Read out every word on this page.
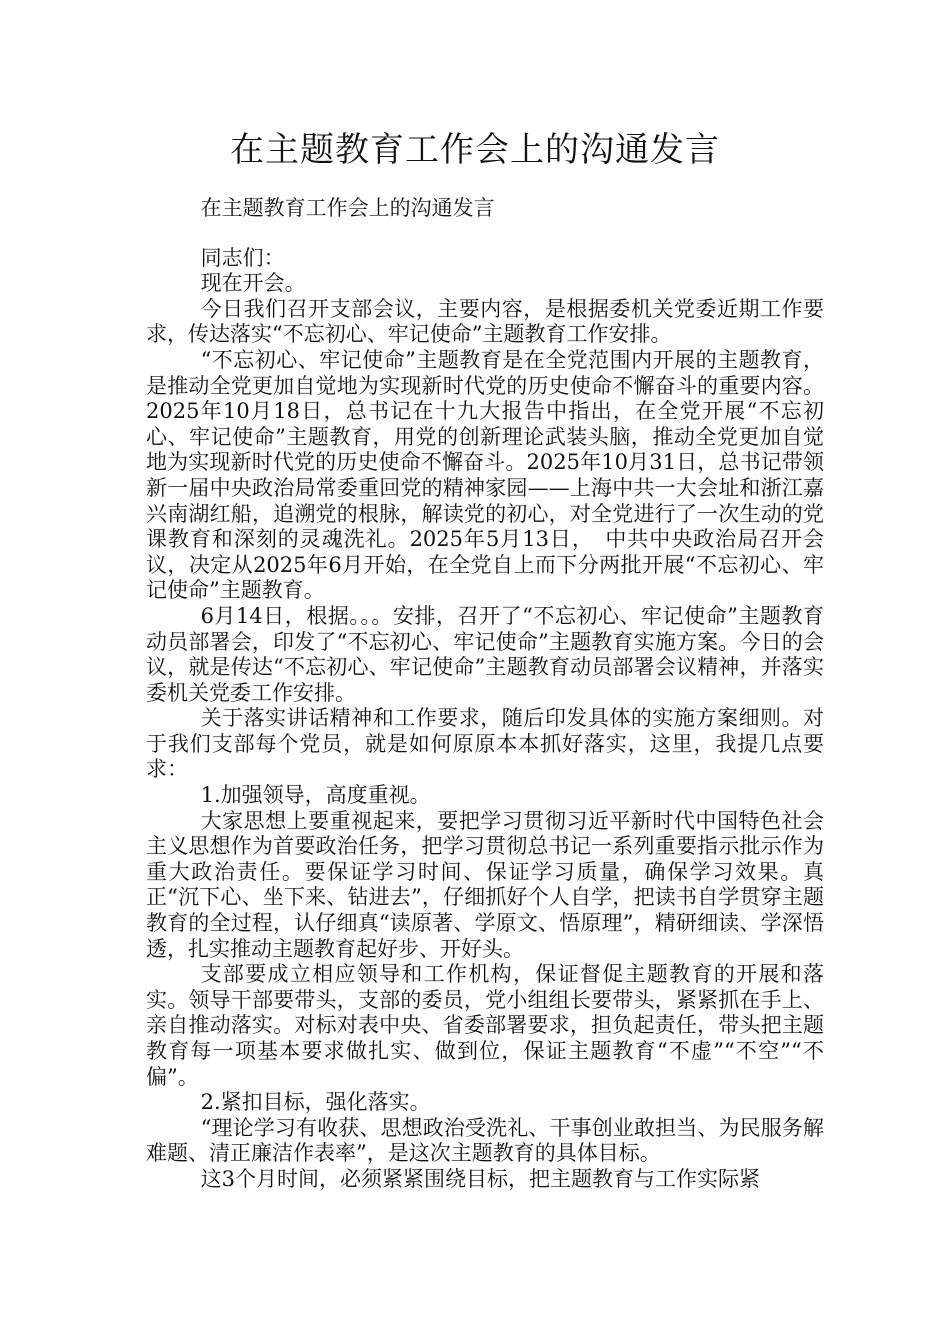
在主题教育工作会上的沟通发言

在主题教育工作会上的沟通发言

同志们：

现在开会。

今日我们召开支部会议，主要内容，是根据委机关党委近期工作要求，传达落实“不忘初心、牢记使命”主题教育工作安排。

“不忘初心、牢记使命”主题教育是在全党范围内开展的主题教育，是推动全党更加自觉地为实现新时代党的历史使命不懈奋斗的重要内容。2025年10月18日，总书记在十九大报告中指出，在全党开展“不忘初心、牢记使命”主题教育，用党的创新理论武装头脑，推动全党更加自觉地为实现新时代党的历史使命不懈奋斗。2025年10月31日，总书记带领新一届中央政治局常委重回党的精神家园——上海中共一大会址和浙江嘉兴南湖红船，追溯党的根脉，解读党的初心，对全党进行了一次生动的党课教育和深刻的灵魂洗礼。2025年5月13日，　中共中央政治局召开会议，决定从2025年6月开始，在全党自上而下分两批开展“不忘初心、牢记使命”主题教育。

6月14日，根据。。。安排，召开了“不忘初心、牢记使命”主题教育动员部署会，印发了“不忘初心、牢记使命”主题教育实施方案。今日的会议，就是传达“不忘初心、牢记使命”主题教育动员部署会议精神，并落实委机关党委工作安排。

关于落实讲话精神和工作要求，随后印发具体的实施方案细则。对于我们支部每个党员，就是如何原原本本抓好落实，这里，我提几点要求：

1.加强领导，高度重视。

大家思想上要重视起来，要把学习贯彻习近平新时代中国特色社会主义思想作为首要政治任务，把学习贯彻总书记一系列重要指示批示作为重大政治责任。要保证学习时间、保证学习质量，确保学习效果。真正“沉下心、坐下来、钻进去”，仔细抓好个人自学，把读书自学贯穿主题教育的全过程，认仔细真“读原著、学原文、悟原理”，精研细读、学深悟透，扎实推动主题教育起好步、开好头。

支部要成立相应领导和工作机构，保证督促主题教育的开展和落实。领导干部要带头，支部的委员，党小组组长要带头，紧紧抓在手上、亲自推动落实。对标对表中央、省委部署要求，担负起责任，带头把主题教育每一项基本要求做扎实、做到位，保证主题教育“不虚”“不空”“不偏”。

2.紧扣目标，强化落实。

“理论学习有收获、思想政治受洗礼、干事创业敢担当、为民服务解难题、清正廉洁作表率”，是这次主题教育的具体目标。

这3个月时间，必须紧紧围绕目标，把主题教育与工作实际紧
